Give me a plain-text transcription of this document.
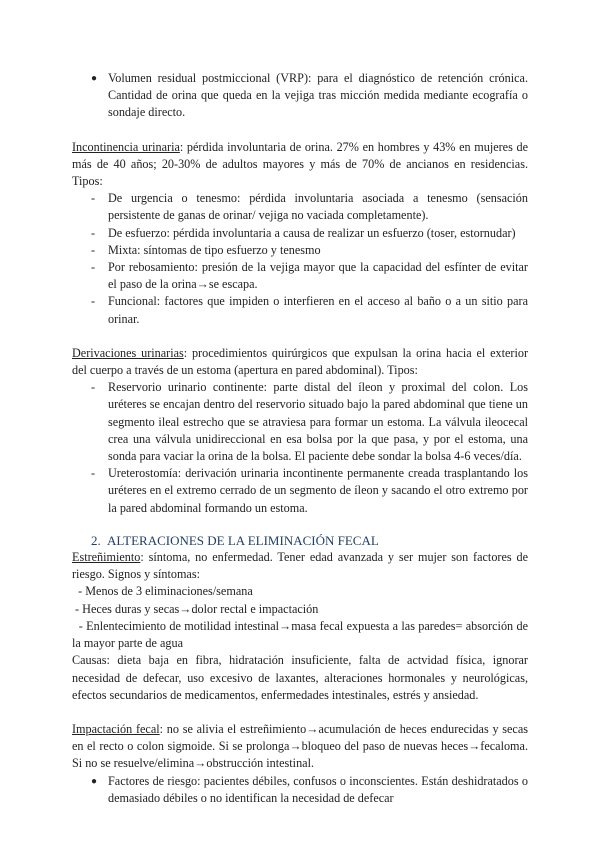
● Volumen residual postmiccional (VRP): para el diagnóstico de retención crónica. Cantidad de orina que queda en la vejiga tras micción medida mediante ecografía o sondaje directo.

Incontinencia urinaria: pérdida involuntaria de orina. 27% en hombres y 43% en mujeres de más de 40 años; 20-30% de adultos mayores y más de 70% de ancianos en residencias. Tipos:

- De urgencia o tenesmo: pérdida involuntaria asociada a tenesmo (sensación persistente de ganas de orinar/ vejiga no vaciada completamente).

- De esfuerzo: pérdida involuntaria a causa de realizar un esfuerzo (toser, estornudar)

- Mixta: síntomas de tipo esfuerzo y tenesmo

- Por rebosamiento: presión de la vejiga mayor que la capacidad del esfínter de evitar el paso de la orina→se escapa.

- Funcional: factores que impiden o interfieren en el acceso al baño o a un sitio para orinar.

Derivaciones urinarias: procedimientos quirúrgicos que expulsan la orina hacia el exterior del cuerpo a través de un estoma (apertura en pared abdominal). Tipos:

- Reservorio urinario continente: parte distal del íleon y proximal del colon. Los uréteres se encajan dentro del reservorio situado bajo la pared abdominal que tiene un segmento ileal estrecho que se atraviesa para formar un estoma. La válvula ileocecal crea una válvula unidireccional en esa bolsa por la que pasa, y por el estoma, una sonda para vaciar la orina de la bolsa. El paciente debe sondar la bolsa 4-6 veces/día.

- Ureterostomía: derivación urinaria incontinente permanente creada trasplantando los uréteres en el extremo cerrado de un segmento de íleon y sacando el otro extremo por la pared abdominal formando un estoma.

2. ALTERACIONES DE LA ELIMINACIÓN FECAL

Estreñimiento: síntoma, no enfermedad. Tener edad avanzada y ser mujer son factores de riesgo. Signos y síntomas:

- Menos de 3 eliminaciones/semana

- Heces duras y secas→dolor rectal e impactación

- Enlentecimiento de motilidad intestinal→masa fecal expuesta a las paredes= absorción de la mayor parte de agua

Causas: dieta baja en fibra, hidratación insuficiente, falta de actvidad física, ignorar necesidad de defecar, uso excesivo de laxantes, alteraciones hormonales y neurológicas, efectos secundarios de medicamentos, enfermedades intestinales, estrés y ansiedad.

Impactación fecal: no se alivia el estreñimiento→acumulación de heces endurecidas y secas en el recto o colon sigmoide. Si se prolonga→bloqueo del paso de nuevas heces→fecaloma. Si no se resuelve/elimina→obstrucción intestinal.

● Factores de riesgo: pacientes débiles, confusos o inconscientes. Están deshidratados o demasiado débiles o no identifican la necesidad de defecar
